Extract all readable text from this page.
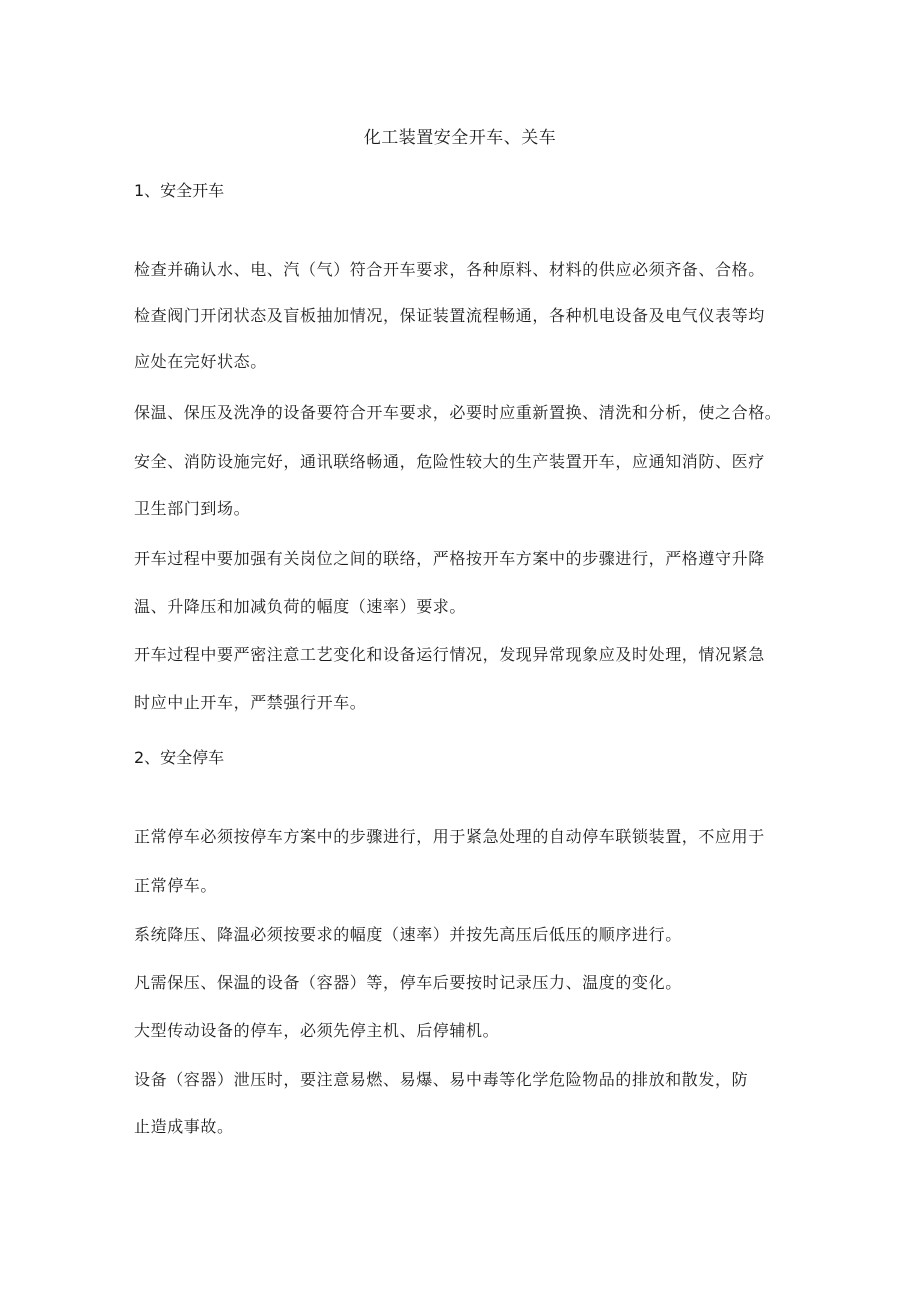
化工装置安全开车、关车
1、安全开车
检查并确认水、电、汽（气）符合开车要求，各种原料、材料的供应必须齐备、合格。
检查阀门开闭状态及盲板抽加情况，保证装置流程畅通，各种机电设备及电气仪表等均
应处在完好状态。
保温、保压及洗净的设备要符合开车要求，必要时应重新置换、清洗和分析，使之合格。
安全、消防设施完好，通讯联络畅通，危险性较大的生产装置开车，应通知消防、医疗
卫生部门到场。
开车过程中要加强有关岗位之间的联络，严格按开车方案中的步骤进行，严格遵守升降
温、升降压和加减负荷的幅度（速率）要求。
开车过程中要严密注意工艺变化和设备运行情况，发现异常现象应及时处理，情况紧急
时应中止开车，严禁强行开车。
2、安全停车
正常停车必须按停车方案中的步骤进行，用于紧急处理的自动停车联锁装置，不应用于
正常停车。
系统降压、降温必须按要求的幅度（速率）并按先高压后低压的顺序进行。
凡需保压、保温的设备（容器）等，停车后要按时记录压力、温度的变化。
大型传动设备的停车，必须先停主机、后停辅机。
设备（容器）泄压时，要注意易燃、易爆、易中毒等化学危险物品的排放和散发，防
止造成事故。
